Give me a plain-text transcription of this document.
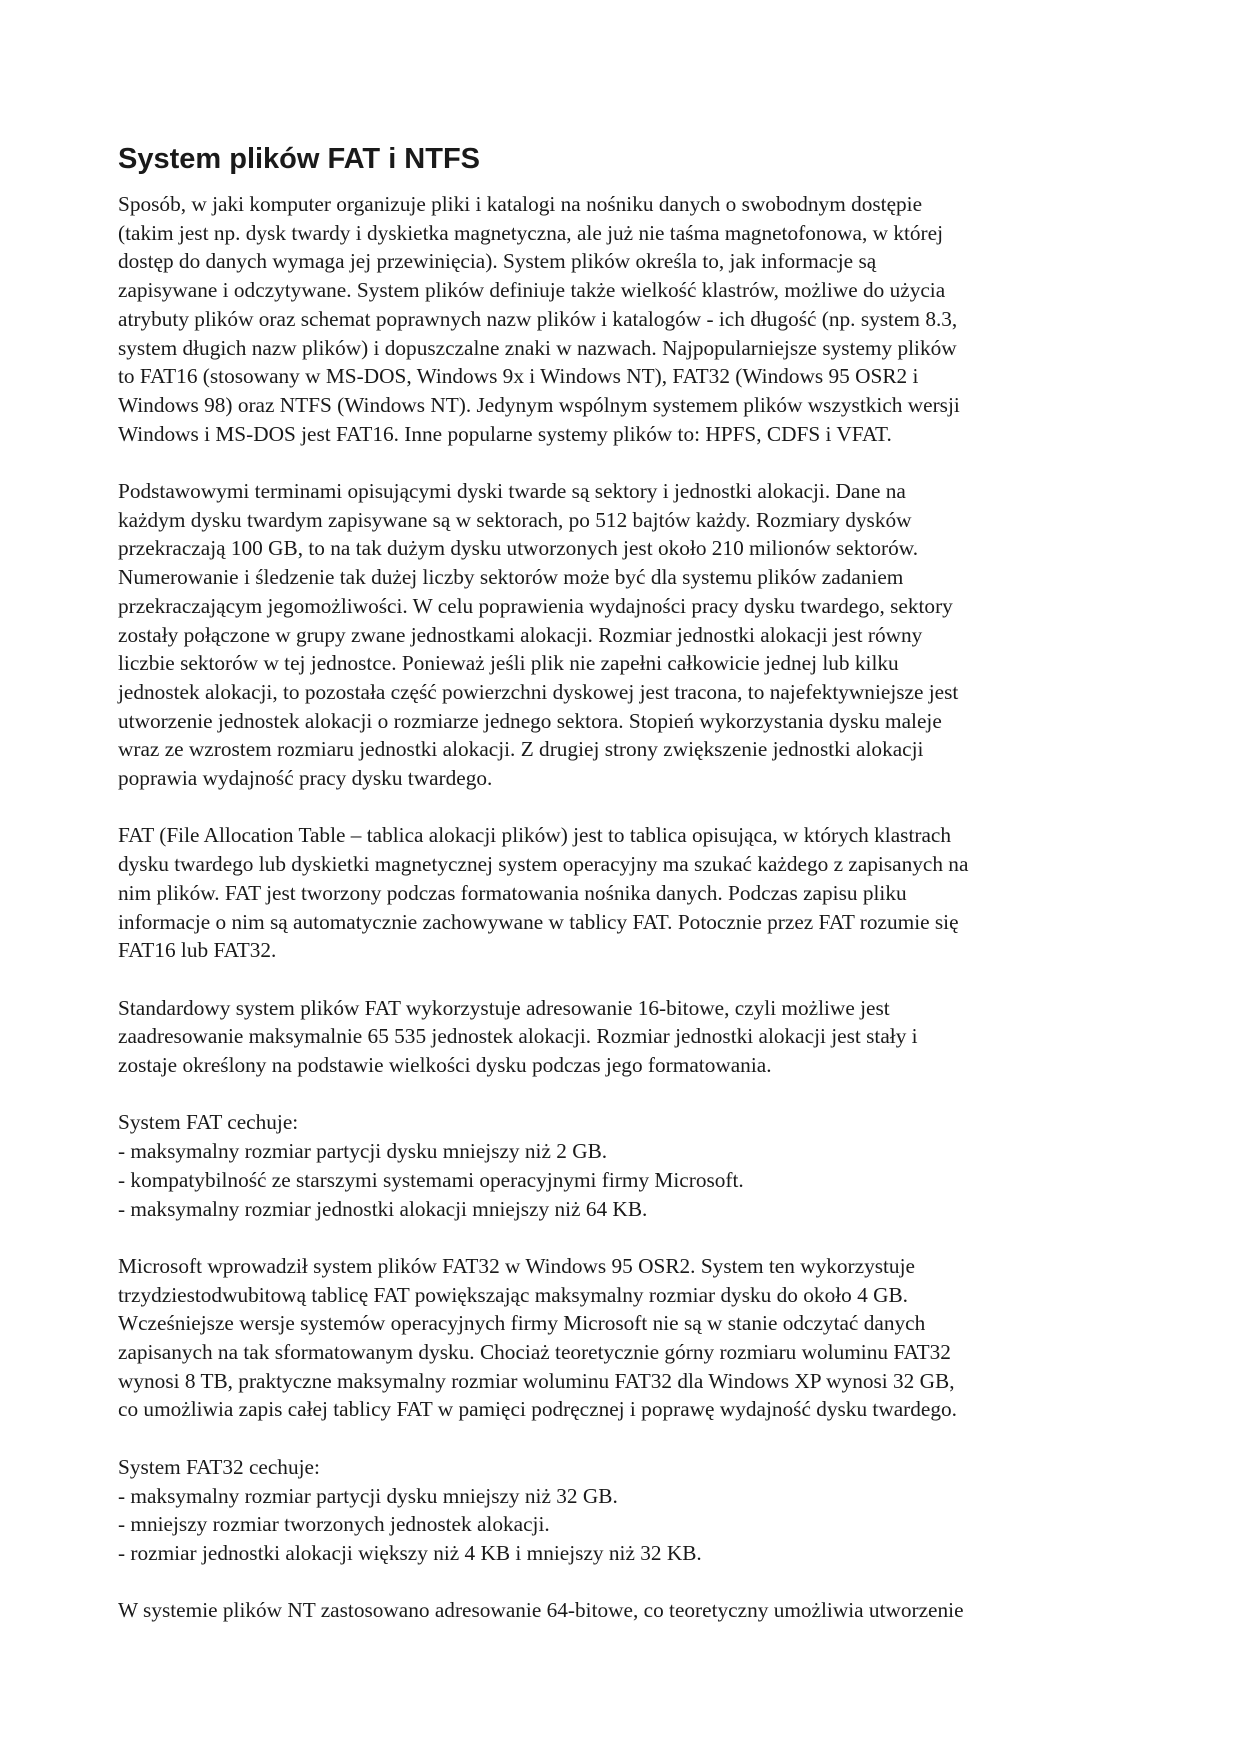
System plików FAT i NTFS

Sposób, w jaki komputer organizuje pliki i katalogi na nośniku danych o swobodnym dostępie
(takim jest np. dysk twardy i dyskietka magnetyczna, ale już nie taśma magnetofonowa, w której
dostęp do danych wymaga jej przewinięcia). System plików określa to, jak informacje są
zapisywane i odczytywane. System plików definiuje także wielkość klastrów, możliwe do użycia
atrybuty plików oraz schemat poprawnych nazw plików i katalogów - ich długość (np. system 8.3,
system długich nazw plików) i dopuszczalne znaki w nazwach. Najpopularniejsze systemy plików
to FAT16 (stosowany w MS-DOS, Windows 9x i Windows NT), FAT32 (Windows 95 OSR2 i
Windows 98) oraz NTFS (Windows NT). Jedynym wspólnym systemem plików wszystkich wersji
Windows i MS-DOS jest FAT16. Inne popularne systemy plików to: HPFS, CDFS i VFAT.

Podstawowymi terminami opisującymi dyski twarde są sektory i jednostki alokacji. Dane na
każdym dysku twardym zapisywane są w sektorach, po 512 bajtów każdy. Rozmiary dysków
przekraczają 100 GB, to na tak dużym dysku utworzonych jest około 210 milionów sektorów.
Numerowanie i śledzenie tak dużej liczby sektorów może być dla systemu plików zadaniem
przekraczającym jegomożliwości. W celu poprawienia wydajności pracy dysku twardego, sektory
zostały połączone w grupy zwane jednostkami alokacji. Rozmiar jednostki alokacji jest równy
liczbie sektorów w tej jednostce. Ponieważ jeśli plik nie zapełni całkowicie jednej lub kilku
jednostek alokacji, to pozostała część powierzchni dyskowej jest tracona, to najefektywniejsze jest
utworzenie jednostek alokacji o rozmiarze jednego sektora. Stopień wykorzystania dysku maleje
wraz ze wzrostem rozmiaru jednostki alokacji. Z drugiej strony zwiększenie jednostki alokacji
poprawia wydajność pracy dysku twardego.

FAT (File Allocation Table – tablica alokacji plików) jest to tablica opisująca, w których klastrach
dysku twardego lub dyskietki magnetycznej system operacyjny ma szukać każdego z zapisanych na
nim plików. FAT jest tworzony podczas formatowania nośnika danych. Podczas zapisu pliku
informacje o nim są automatycznie zachowywane w tablicy FAT. Potocznie przez FAT rozumie się
FAT16 lub FAT32.

Standardowy system plików FAT wykorzystuje adresowanie 16-bitowe, czyli możliwe jest
zaadresowanie maksymalnie 65 535 jednostek alokacji. Rozmiar jednostki alokacji jest stały i
zostaje określony na podstawie wielkości dysku podczas jego formatowania.

System FAT cechuje:
- maksymalny rozmiar partycji dysku mniejszy niż 2 GB.
- kompatybilność ze starszymi systemami operacyjnymi firmy Microsoft.
- maksymalny rozmiar jednostki alokacji mniejszy niż 64 KB.

Microsoft wprowadził system plików FAT32 w Windows 95 OSR2. System ten wykorzystuje
trzydziestodwubitową tablicę FAT powiększając maksymalny rozmiar dysku do około 4 GB.
Wcześniejsze wersje systemów operacyjnych firmy Microsoft nie są w stanie odczytać danych
zapisanych na tak sformatowanym dysku. Chociaż teoretycznie górny rozmiaru woluminu FAT32
wynosi 8 TB, praktyczne maksymalny rozmiar woluminu FAT32 dla Windows XP wynosi 32 GB,
co umożliwia zapis całej tablicy FAT w pamięci podręcznej i poprawę wydajność dysku twardego.

System FAT32 cechuje:
- maksymalny rozmiar partycji dysku mniejszy niż 32 GB.
- mniejszy rozmiar tworzonych jednostek alokacji.
- rozmiar jednostki alokacji większy niż 4 KB i mniejszy niż 32 KB.

W systemie plików NT zastosowano adresowanie 64-bitowe, co teoretyczny umożliwia utworzenie
